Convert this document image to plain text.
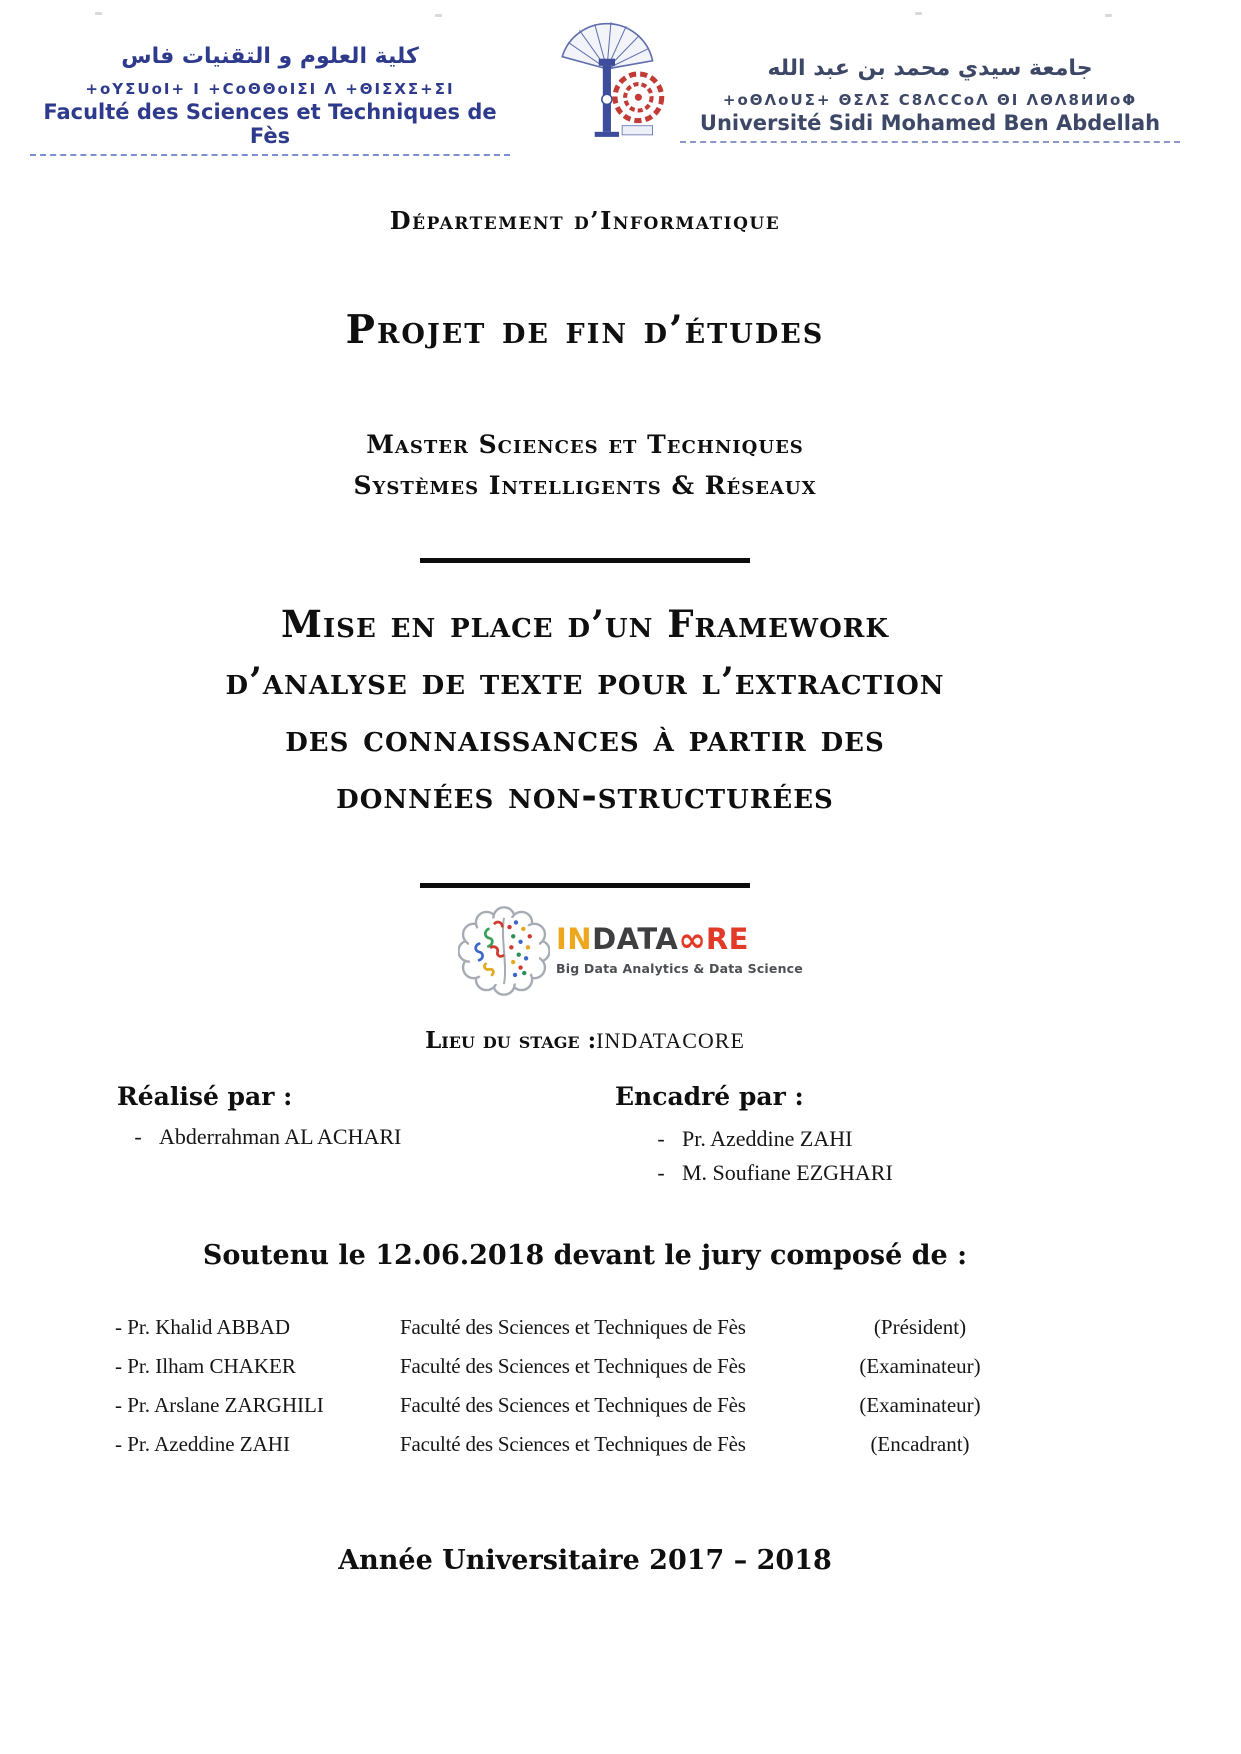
كلية العلوم و التقنيات فاس
+oYΣUoI+ I +CoΘΘoIΣI Λ +ΘIΣXΣ+ΣI
Faculté des Sciences et Techniques de Fès
جامعة سيدي محمد بن عبد الله
+oΘΛoUΣ+ ΘΣΛΣ C8ΛCCoΛ ΘI ΛΘΛ8ИИoΦ
Université Sidi Mohamed Ben Abdellah
Département d’Informatique
Projet de fin d’études
Master Sciences et Techniques
Systèmes Intelligents & Réseaux
Mise en place d’un Framework
d’analyse de texte pour l’extraction
des connaissances à partir des
données non-structurées
INDATA∞RE
Big Data Analytics & Data Science
Lieu du stage :INDATACORE
Réalisé par :
- Abderrahman AL ACHARI
Encadré par :
- Pr. Azeddine ZAHI
- M. Soufiane EZGHARI
Soutenu le 12.06.2018 devant le jury composé de :
- Pr. Khalid ABBAD	Faculté des Sciences et Techniques de Fès	(Président)
- Pr. Ilham CHAKER	Faculté des Sciences et Techniques de Fès	(Examinateur)
- Pr. Arslane ZARGHILI	Faculté des Sciences et Techniques de Fès	(Examinateur)
- Pr. Azeddine ZAHI	Faculté des Sciences et Techniques de Fès	(Encadrant)
Année Universitaire 2017 – 2018
